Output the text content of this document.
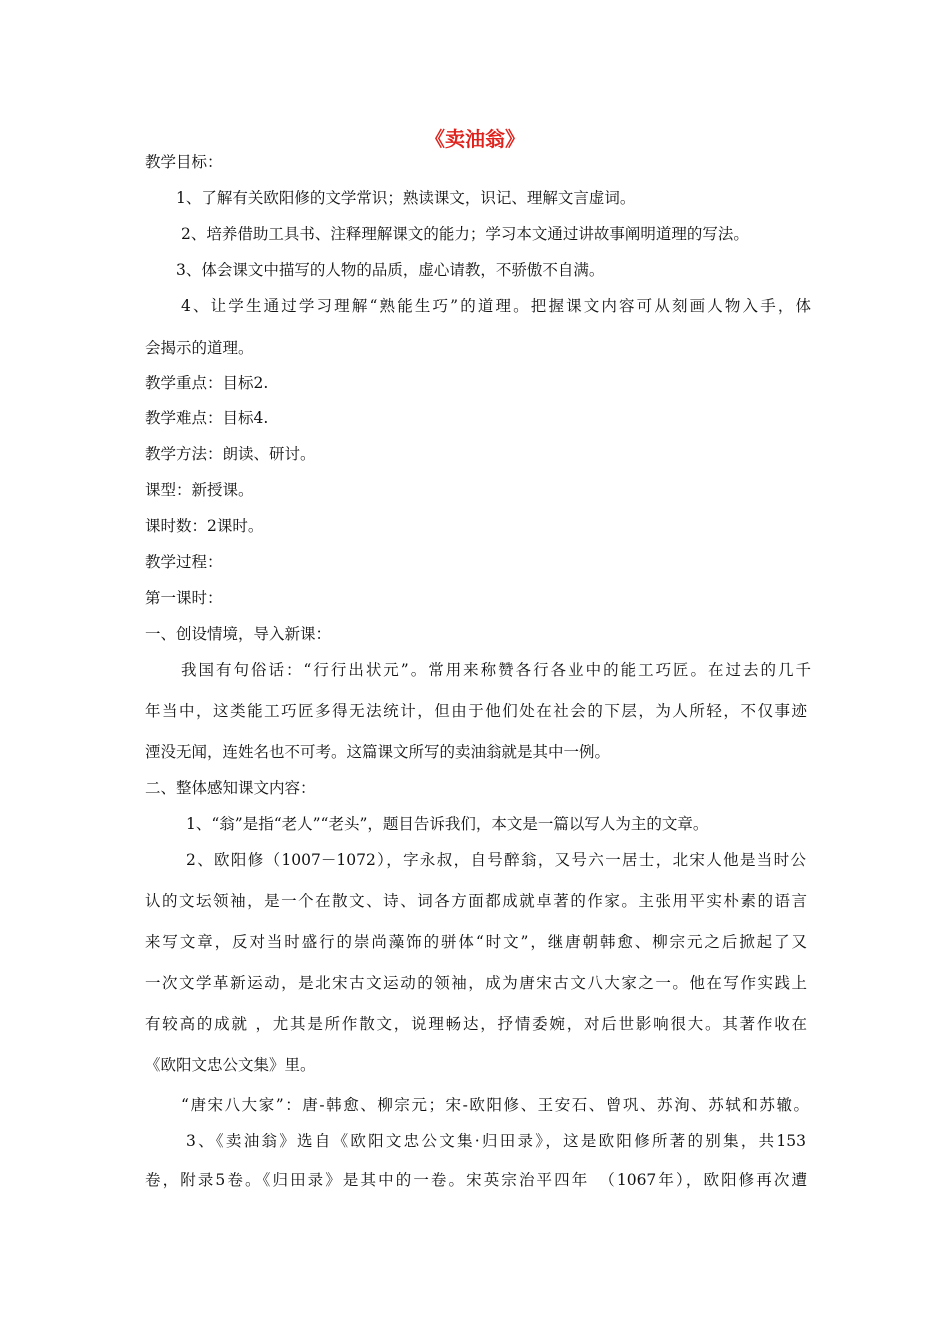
《卖油翁》
教学目标：
1、了解有关欧阳修的文学常识；熟读课文，识记、理解文言虚词。
2、培养借助工具书、注释理解课文的能力；学习本文通过讲故事阐明道理的写法。
3、体会课文中描写的人物的品质，虚心请教，不骄傲不自满。
4、让学生通过学习理解“熟能生巧”的道理。把握课文内容可从刻画人物入手，体
会揭示的道理。
教学重点：目标2.
教学难点：目标4.
教学方法：朗读、研讨。
课型：新授课。
课时数：2课时。
教学过程：
第一课时：
一、创设情境，导入新课：
我国有句俗话：“行行出状元”。常用来称赞各行各业中的能工巧匠。在过去的几千
年当中，这类能工巧匠多得无法统计，但由于他们处在社会的下层，为人所轻，不仅事迹
湮没无闻，连姓名也不可考。这篇课文所写的卖油翁就是其中一例。
二、整体感知课文内容：
1、“翁”是指“老人”“老头”，题目告诉我们，本文是一篇以写人为主的文章。
2、欧阳修（1007－1072），字永叔，自号醉翁，又号六一居士，北宋人他是当时公
认的文坛领袖，是一个在散文、诗、词各方面都成就卓著的作家。主张用平实朴素的语言
来写文章，反对当时盛行的崇尚藻饰的骈体“时文”，继唐朝韩愈、柳宗元之后掀起了又
一次文学革新运动，是北宋古文运动的领袖，成为唐宋古文八大家之一。他在写作实践上
有较高的成就 ，尤其是所作散文，说理畅达，抒情委婉，对后世影响很大。其著作收在
《欧阳文忠公文集》里。
“唐宋八大家”：唐-韩愈、柳宗元；宋-欧阳修、王安石、曾巩、苏洵、苏轼和苏辙。
3、《卖油翁》选自《欧阳文忠公文集·归田录》，这是欧阳修所著的别集，共153
卷，附录5卷。《归田录》是其中的一卷。宋英宗治平四年　（1067年），欧阳修再次遭
